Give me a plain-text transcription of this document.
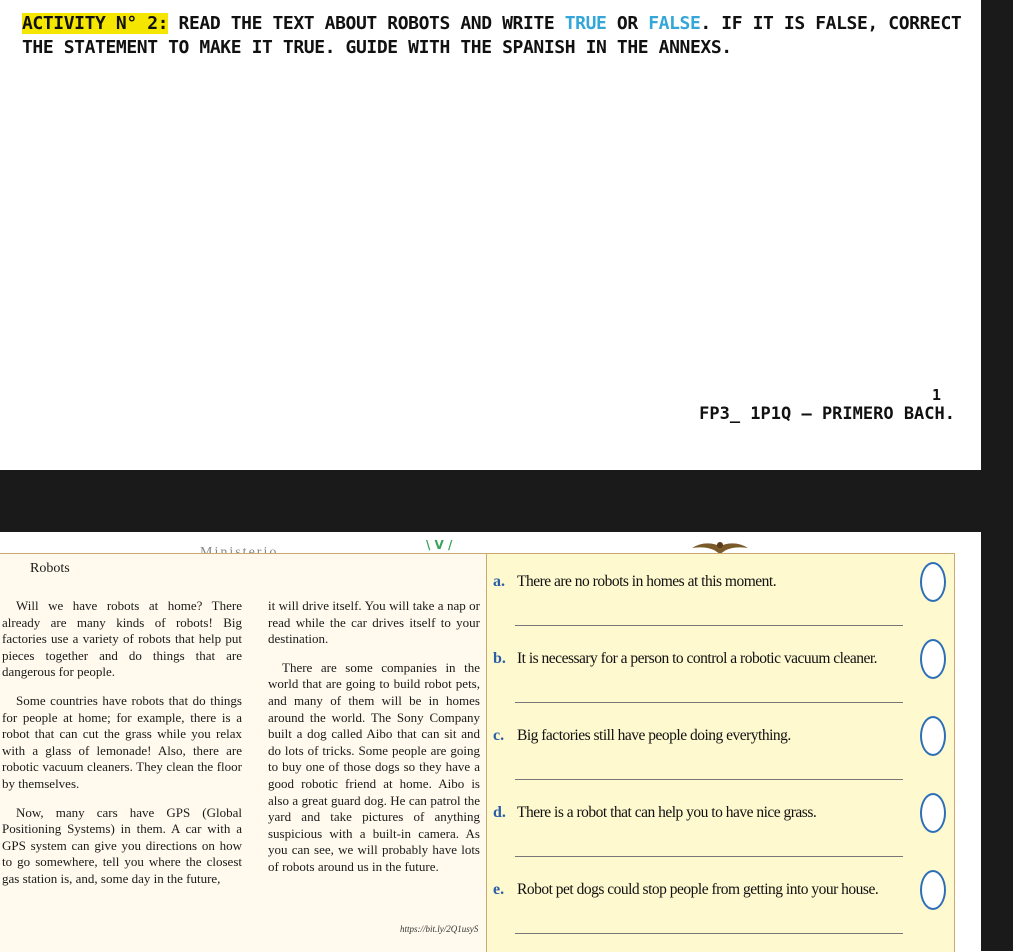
ACTIVITY N° 2: READ THE TEXT ABOUT ROBOTS AND WRITE TRUE OR FALSE. IF IT IS FALSE, CORRECT THE STATEMENT TO MAKE IT TRUE. GUIDE WITH THE SPANISH IN THE ANNEXS.
1
FP3_ 1P1Q – PRIMERO BACH.
\ V /
Robots

Will we have robots at home? There already are many kinds of robots! Big factories use a variety of robots that help put pieces together and do things that are dangerous for people.

Some countries have robots that do things for people at home; for example, there is a robot that can cut the grass while you relax with a glass of lemonade! Also, there are robotic vacuum cleaners. They clean the floor by themselves.

Now, many cars have GPS (Global Positioning Systems) in them. A car with a GPS system can give you directions on how to go somewhere, tell you where the closest gas station is, and, some day in the future,

it will drive itself. You will take a nap or read while the car drives itself to your destination.

There are some companies in the world that are going to build robot pets, and many of them will be in homes around the world. The Sony Company built a dog called Aibo that can sit and do lots of tricks. Some people are going to buy one of those dogs so they have a good robotic friend at home. Aibo is also a great guard dog. He can patrol the yard and take pictures of anything suspicious with a built-in camera. As you can see, we will probably have lots of robots around us in the future.

https://bit.ly/2Q1usyS
a. There are no robots in homes at this moment.
b. It is necessary for a person to control a robotic vacuum cleaner.
c. Big factories still have people doing everything.
d. There is a robot that can help you to have nice grass.
e. Robot pet dogs could stop people from getting into your house.
